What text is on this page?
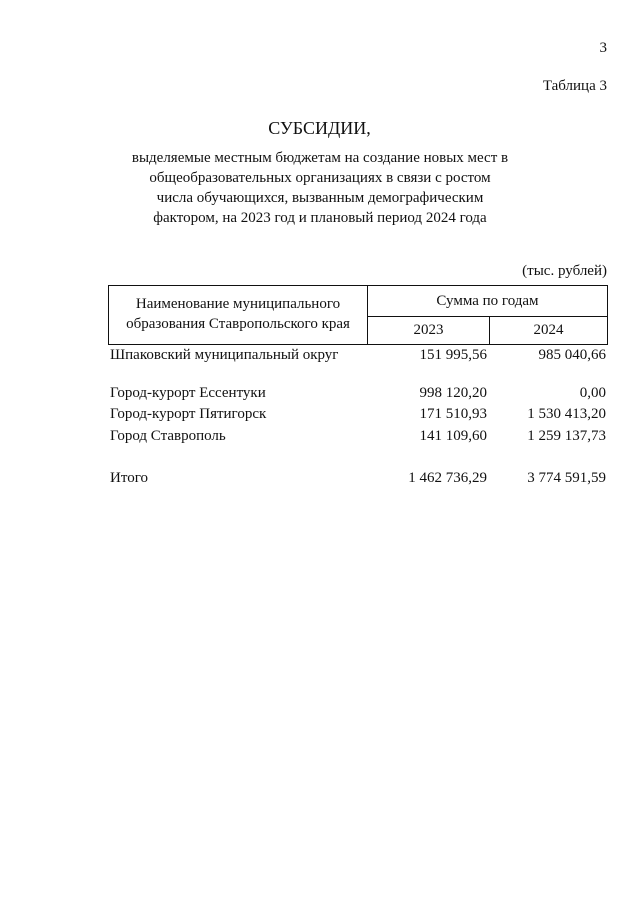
3
Таблица 3
СУБСИДИИ,
выделяемые местным бюджетам на создание новых мест в общеобразовательных организациях в связи с ростом числа обучающихся, вызванным демографическим фактором, на 2023 год и плановый период 2024 года
(тыс. рублей)
Наименование муниципального образования Ставропольского края
Сумма по годам
2023	2024
Шпаковский муниципальный округ	151 995,56	985 040,66
Город-курорт Ессентуки	998 120,20	0,00
Город-курорт Пятигорск	171 510,93	1 530 413,20
Город Ставрополь	141 109,60	1 259 137,73
Итого	1 462 736,29	3 774 591,59
